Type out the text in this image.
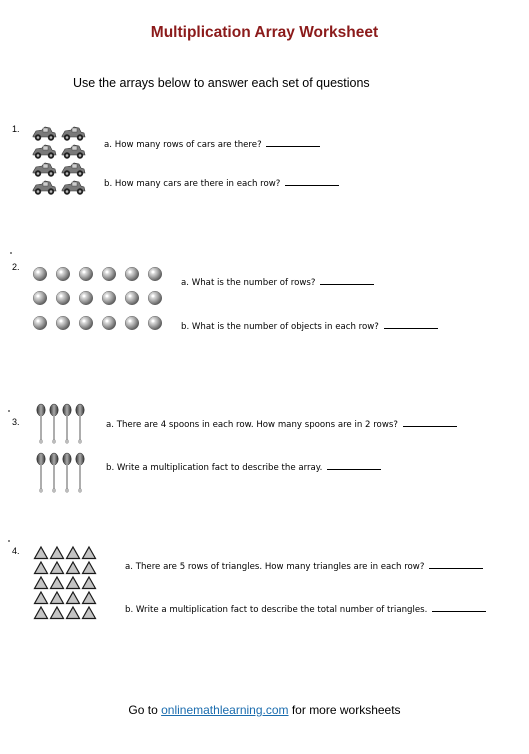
Multiplication Array Worksheet
Use the arrays below to answer each set of questions
1.
a. How many rows of cars are there?
b. How many cars are there in each row?
2.
a. What is the number of rows?
b. What is the number of objects in each row?
3.	a. There are 4 spoons in each row. How many spoons are in 2 rows?
b. Write a multiplication fact to describe the array.
4.
a. There are 5 rows of triangles. How many triangles are in each row?
b. Write a multiplication fact to describe the total number of triangles.
Go to onlinemathlearning.com for more worksheets
